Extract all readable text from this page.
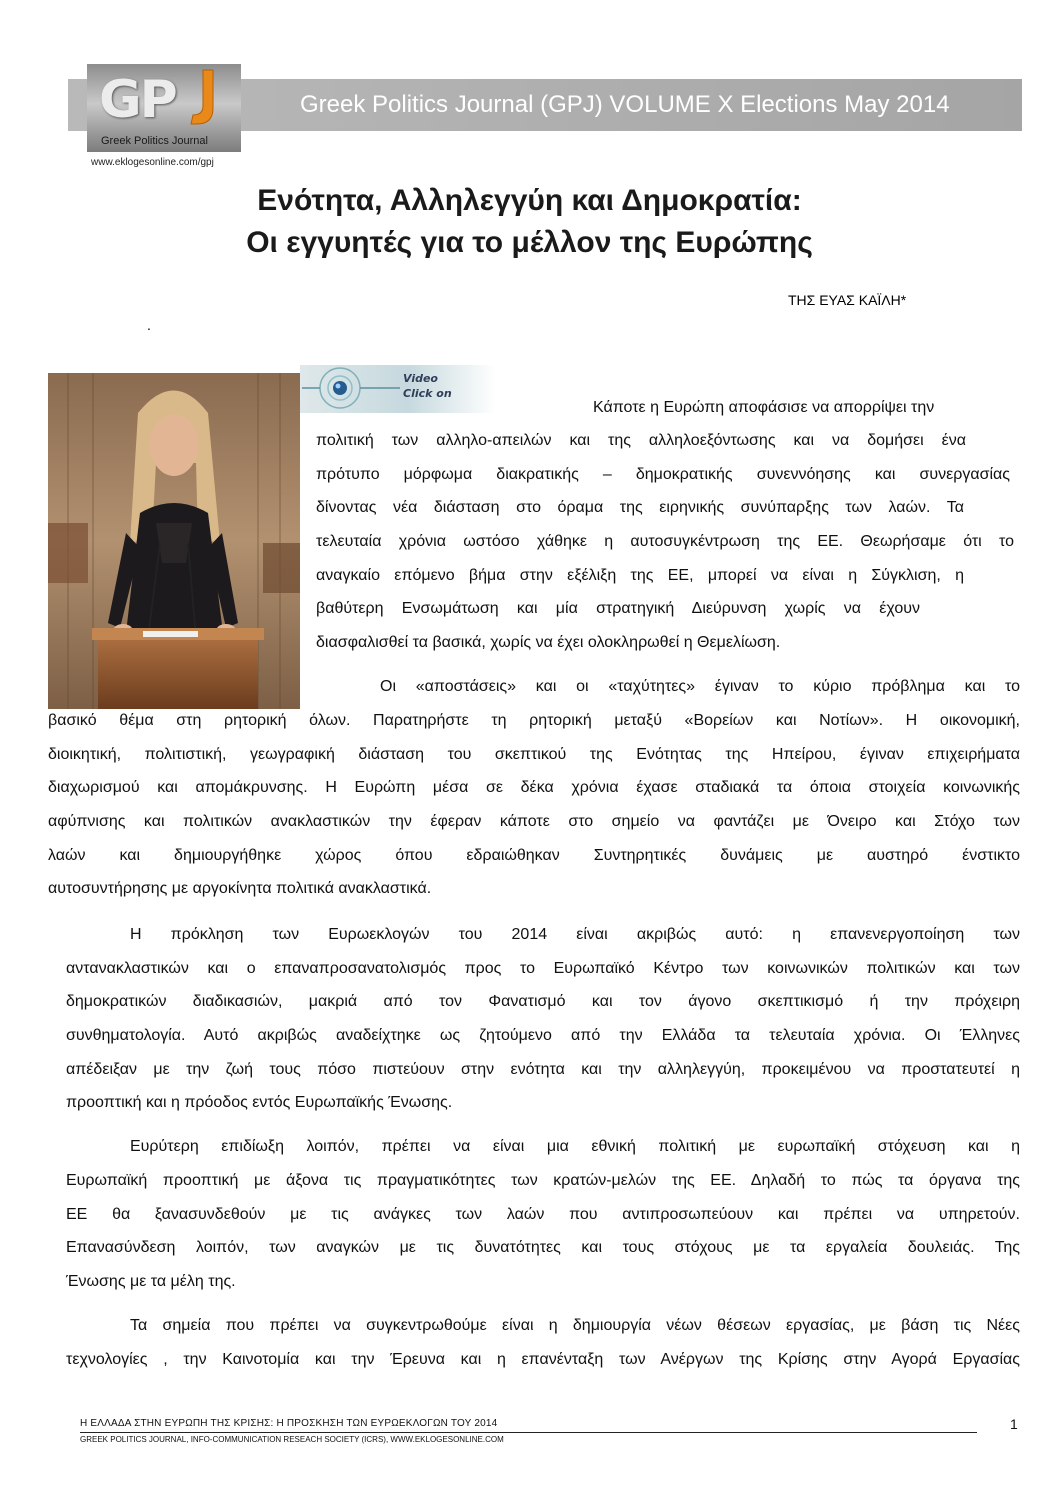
Greek Politics Journal (GPJ) VOLUME X Elections May 2014
GP
Greek Politics Journal
www.eklogesonline.com/gpj
Ενότητα, Αλληλεγγύη και Δημοκρατία:
Οι εγγυητές για το μέλλον της Ευρώπης
ΤΗΣ ΕΥΑΣ ΚΑΪΛΗ*
.
Video
Click on
Κάποτε η Ευρώπη αποφάσισε να απορρίψει την
πολιτική των αλληλο-απειλών και της αλληλοεξόντωσης και να δομήσει ένα
πρότυπο μόρφωμα διακρατικής – δημοκρατικής συνεννόησης και συνεργασίας
δίνοντας νέα διάσταση στο όραμα της ειρηνικής συνύπαρξης των λαών. Τα
τελευταία χρόνια ωστόσο χάθηκε η αυτοσυγκέντρωση της ΕΕ. Θεωρήσαμε ότι το
αναγκαίο επόμενο βήμα στην εξέλιξη της ΕΕ, μπορεί να είναι η Σύγκλιση, η
βαθύτερη Ενσωμάτωση και μία στρατηγική Διεύρυνση χωρίς να έχουν
διασφαλισθεί τα βασικά, χωρίς να έχει ολοκληρωθεί η Θεμελίωση.
Οι «αποστάσεις» και οι «ταχύτητες» έγιναν το κύριο πρόβλημα και το
βασικό θέμα στη ρητορική όλων. Παρατηρήστε τη ρητορική μεταξύ «Βορείων και Νοτίων». Η οικονομική,
διοικητική, πολιτιστική, γεωγραφική διάσταση του σκεπτικού της Ενότητας της Ηπείρου, έγιναν επιχειρήματα
διαχωρισμού και απομάκρυνσης. Η Ευρώπη μέσα σε δέκα χρόνια έχασε σταδιακά τα όποια στοιχεία κοινωνικής
αφύπνισης και πολιτικών ανακλαστικών την έφεραν κάποτε στο σημείο να φαντάζει με Όνειρο και Στόχο των
λαών και δημιουργήθηκε χώρος όπου εδραιώθηκαν Συντηρητικές δυνάμεις με αυστηρό ένστικτο
αυτοσυντήρησης με αργοκίνητα πολιτικά ανακλαστικά.
Η πρόκληση των Ευρωεκλογών του 2014 είναι ακριβώς αυτό: η επανενεργοποίηση των
αντανακλαστικών και ο επαναπροσανατολισμός προς το Ευρωπαϊκό Κέντρο των κοινωνικών πολιτικών και των
δημοκρατικών διαδικασιών, μακριά από τον Φανατισμό και τον άγονο σκεπτικισμό ή την πρόχειρη
συνθηματολογία. Αυτό ακριβώς αναδείχτηκε ως ζητούμενο από την Ελλάδα τα τελευταία χρόνια. Οι Έλληνες
απέδειξαν με την ζωή τους πόσο πιστεύουν στην ενότητα και την αλληλεγγύη, προκειμένου να προστατευτεί η
προοπτική και η πρόοδος εντός Ευρωπαϊκής Ένωσης.
Ευρύτερη επιδίωξη λοιπόν, πρέπει να είναι μια εθνική πολιτική με ευρωπαϊκή στόχευση και η
Ευρωπαϊκή προοπτική με άξονα τις πραγματικότητες των κρατών-μελών της ΕΕ. Δηλαδή το πώς τα όργανα της
ΕΕ θα ξανασυνδεθούν με τις ανάγκες των λαών που αντιπροσωπεύουν και πρέπει να υπηρετούν.
Επανασύνδεση λοιπόν, των αναγκών με τις δυνατότητες και τους στόχους με τα εργαλεία δουλειάς. Της
Ένωσης με τα μέλη της.
Τα σημεία που πρέπει να συγκεντρωθούμε είναι η δημιουργία νέων θέσεων εργασίας, με βάση τις Νέες
τεχνολογίες , την Καινοτομία και την Έρευνα και η επανένταξη των Ανέργων της Κρίσης στην Αγορά Εργασίας
Η ΕΛΛΑΔΑ ΣΤΗΝ ΕΥΡΩΠΗ ΤΗΣ ΚΡΙΣΗΣ: Η ΠΡΟΣΚΗΣΗ ΤΩΝ ΕΥΡΩΕΚΛΟΓΩΝ ΤΟΥ 2014
GREEK POLITICS JOURNAL, INFO-COMMUNICATION RESEACH SOCIETY (ICRS), WWW.EKLOGESONLINE.COM
1
